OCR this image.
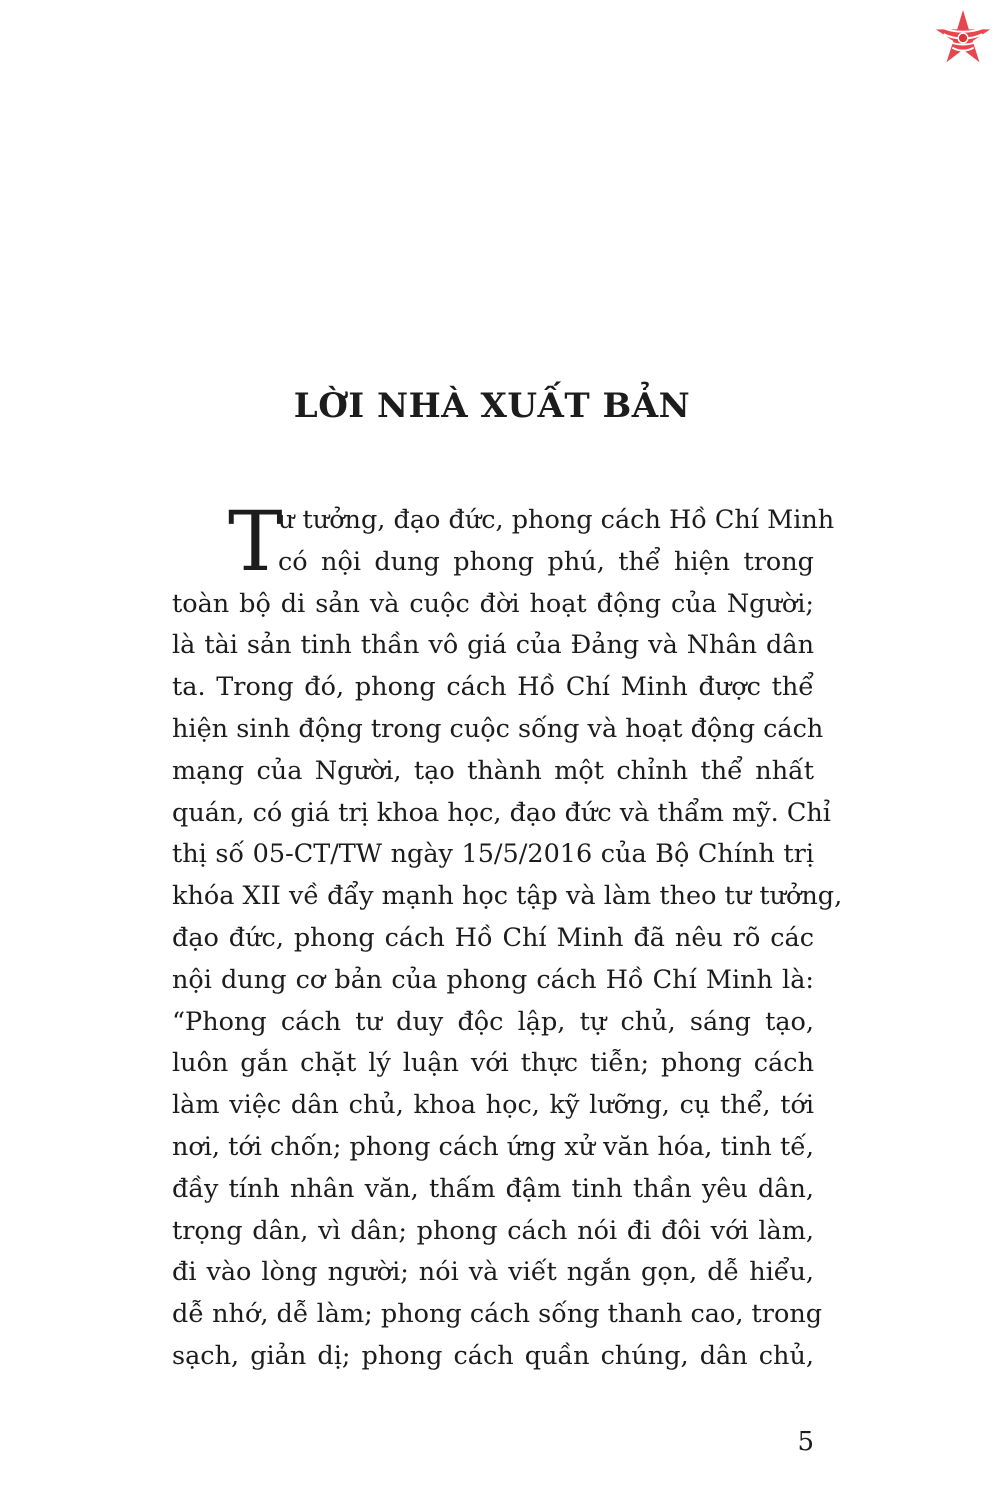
LỜI NHÀ XUẤT BẢN
T
ư tưởng, đạo đức, phong cách Hồ Chí Minh
có nội dung phong phú, thể hiện trong
toàn bộ di sản và cuộc đời hoạt động của Người;
là tài sản tinh thần vô giá của Đảng và Nhân dân
ta. Trong đó, phong cách Hồ Chí Minh được thể
hiện sinh động trong cuộc sống và hoạt động cách
mạng của Người, tạo thành một chỉnh thể nhất
quán, có giá trị khoa học, đạo đức và thẩm mỹ. Chỉ
thị số 05-CT/TW ngày 15/5/2016 của Bộ Chính trị
khóa XII về đẩy mạnh học tập và làm theo tư tưởng,
đạo đức, phong cách Hồ Chí Minh đã nêu rõ các
nội dung cơ bản của phong cách Hồ Chí Minh là:
“Phong cách tư duy độc lập, tự chủ, sáng tạo,
luôn gắn chặt lý luận với thực tiễn; phong cách
làm việc dân chủ, khoa học, kỹ lưỡng, cụ thể, tới
nơi, tới chốn; phong cách ứng xử văn hóa, tinh tế,
đầy tính nhân văn, thấm đậm tinh thần yêu dân,
trọng dân, vì dân; phong cách nói đi đôi với làm,
đi vào lòng người; nói và viết ngắn gọn, dễ hiểu,
dễ nhớ, dễ làm; phong cách sống thanh cao, trong
sạch, giản dị; phong cách quần chúng, dân chủ,
5
